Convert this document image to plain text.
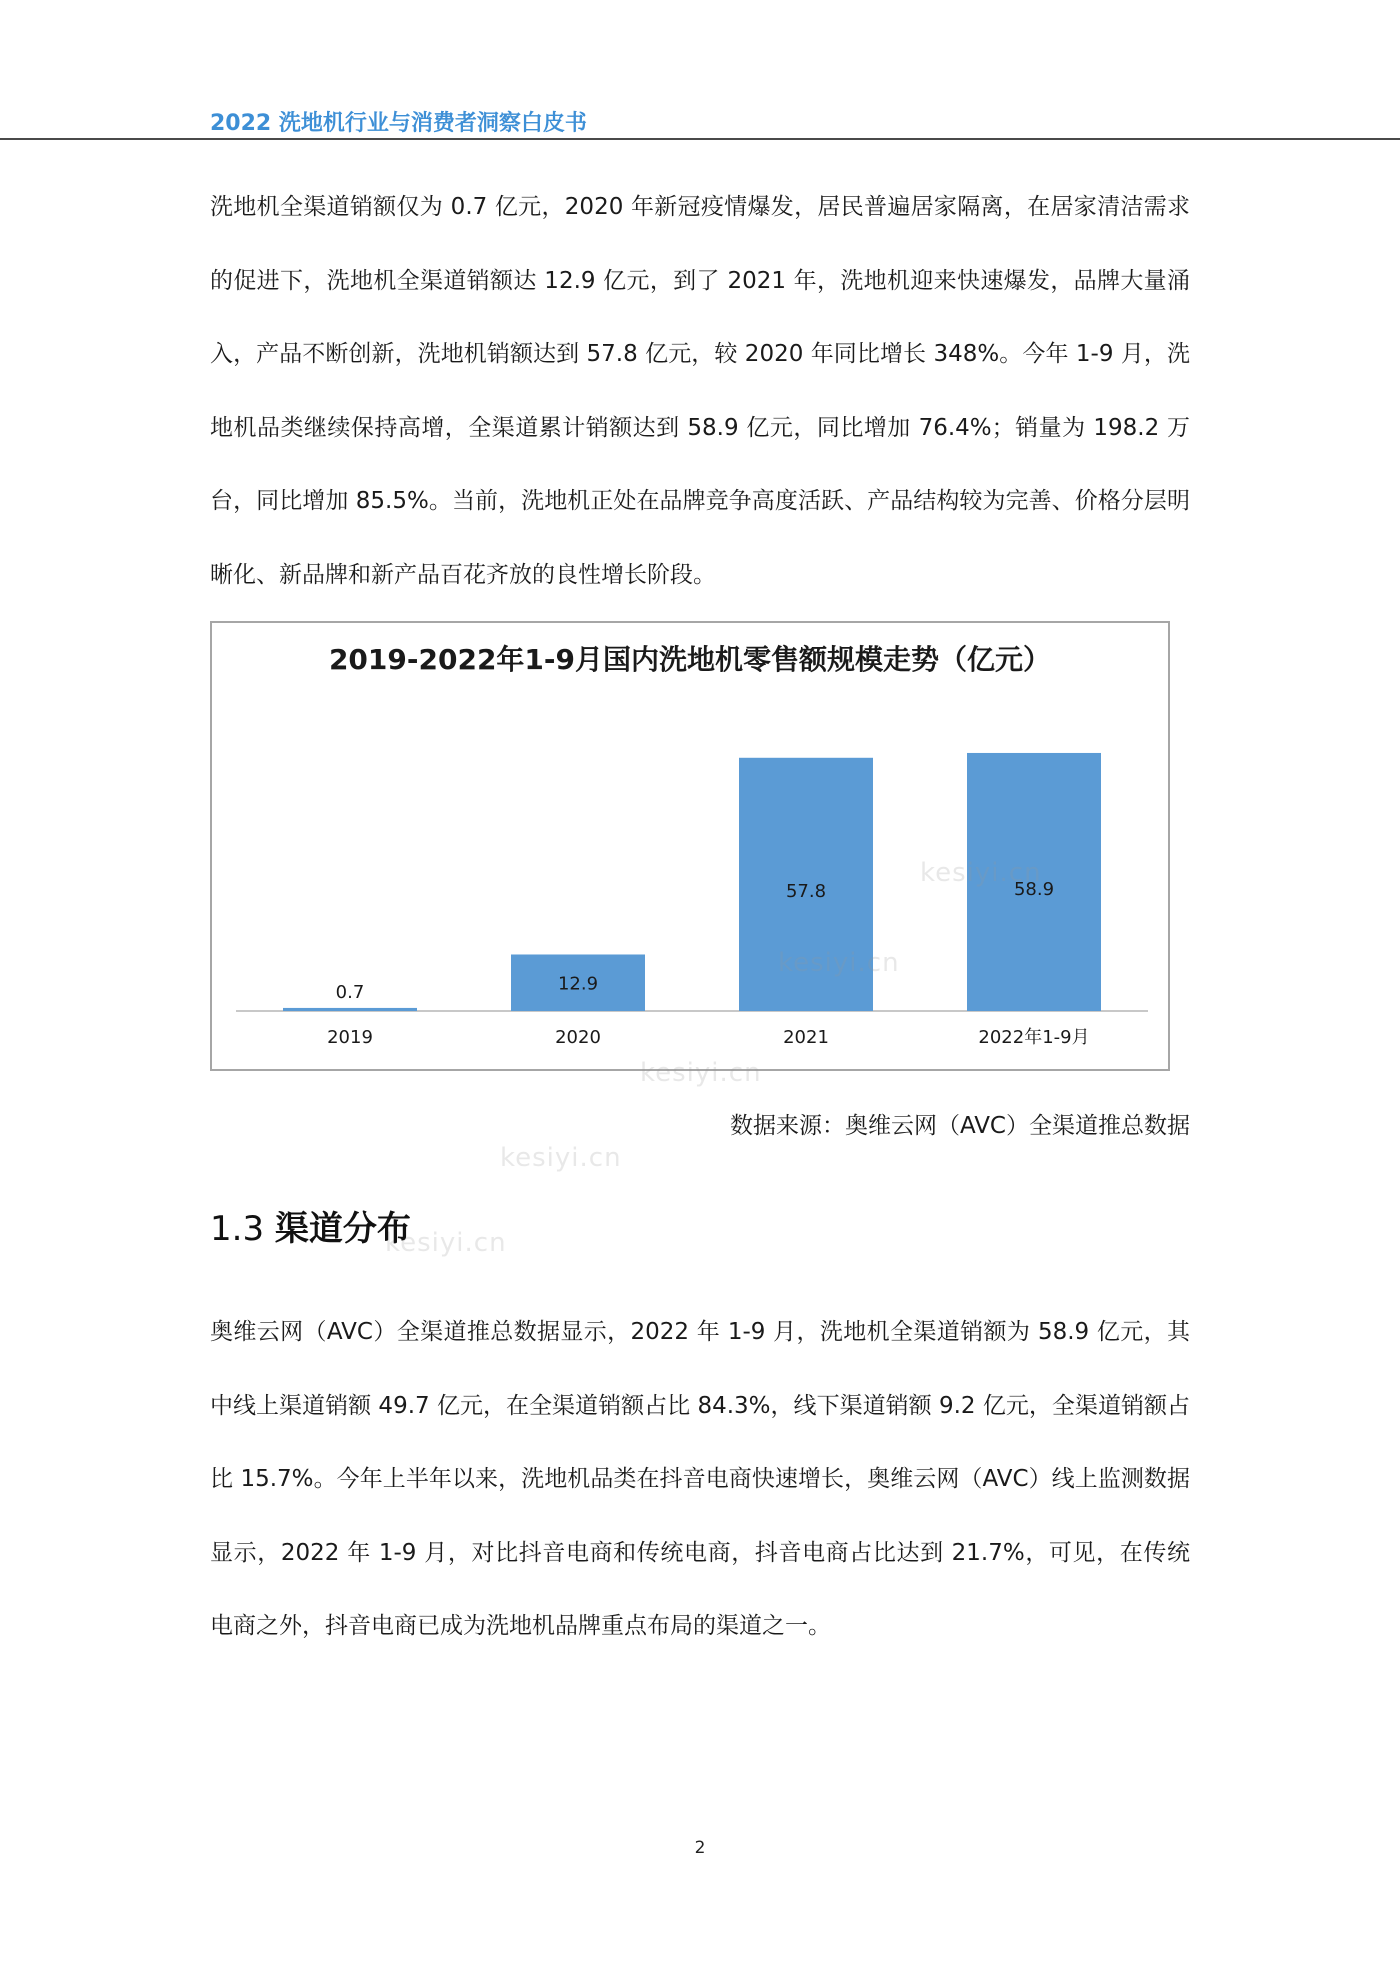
2022 洗地机行业与消费者洞察白皮书

洗地机全渠道销额仅为 0.7 亿元，2020 年新冠疫情爆发，居民普遍居家隔离，在居家清洁需求的促进下，洗地机全渠道销额达 12.9 亿元，到了 2021 年，洗地机迎来快速爆发，品牌大量涌入，产品不断创新，洗地机销额达到 57.8 亿元，较 2020 年同比增长 348%。今年 1-9 月，洗地机品类继续保持高增，全渠道累计销额达到 58.9 亿元，同比增加 76.4%；销量为 198.2 万台，同比增加 85.5%。当前，洗地机正处在品牌竞争高度活跃、产品结构较为完善、价格分层明晰化、新品牌和新产品百花齐放的良性增长阶段。

2019-2022年1-9月国内洗地机零售额规模走势（亿元）
0.7
2019
12.9
2020
57.8
2021
58.9
2022年1-9月
kesiyi.cn
kesiyi.cn
kesiyi.cn
kesiyi.cn
kesiyi.cn
数据来源：奥维云网（AVC）全渠道推总数据
1.3 渠道分布

奥维云网（AVC）全渠道推总数据显示，2022 年 1-9 月，洗地机全渠道销额为 58.9 亿元，其中线上渠道销额 49.7 亿元，在全渠道销额占比 84.3%，线下渠道销额 9.2 亿元，全渠道销额占比 15.7%。今年上半年以来，洗地机品类在抖音电商快速增长，奥维云网（AVC）线上监测数据显示，2022 年 1-9 月，对比抖音电商和传统电商，抖音电商占比达到 21.7%，可见，在传统电商之外，抖音电商已成为洗地机品牌重点布局的渠道之一。

2
